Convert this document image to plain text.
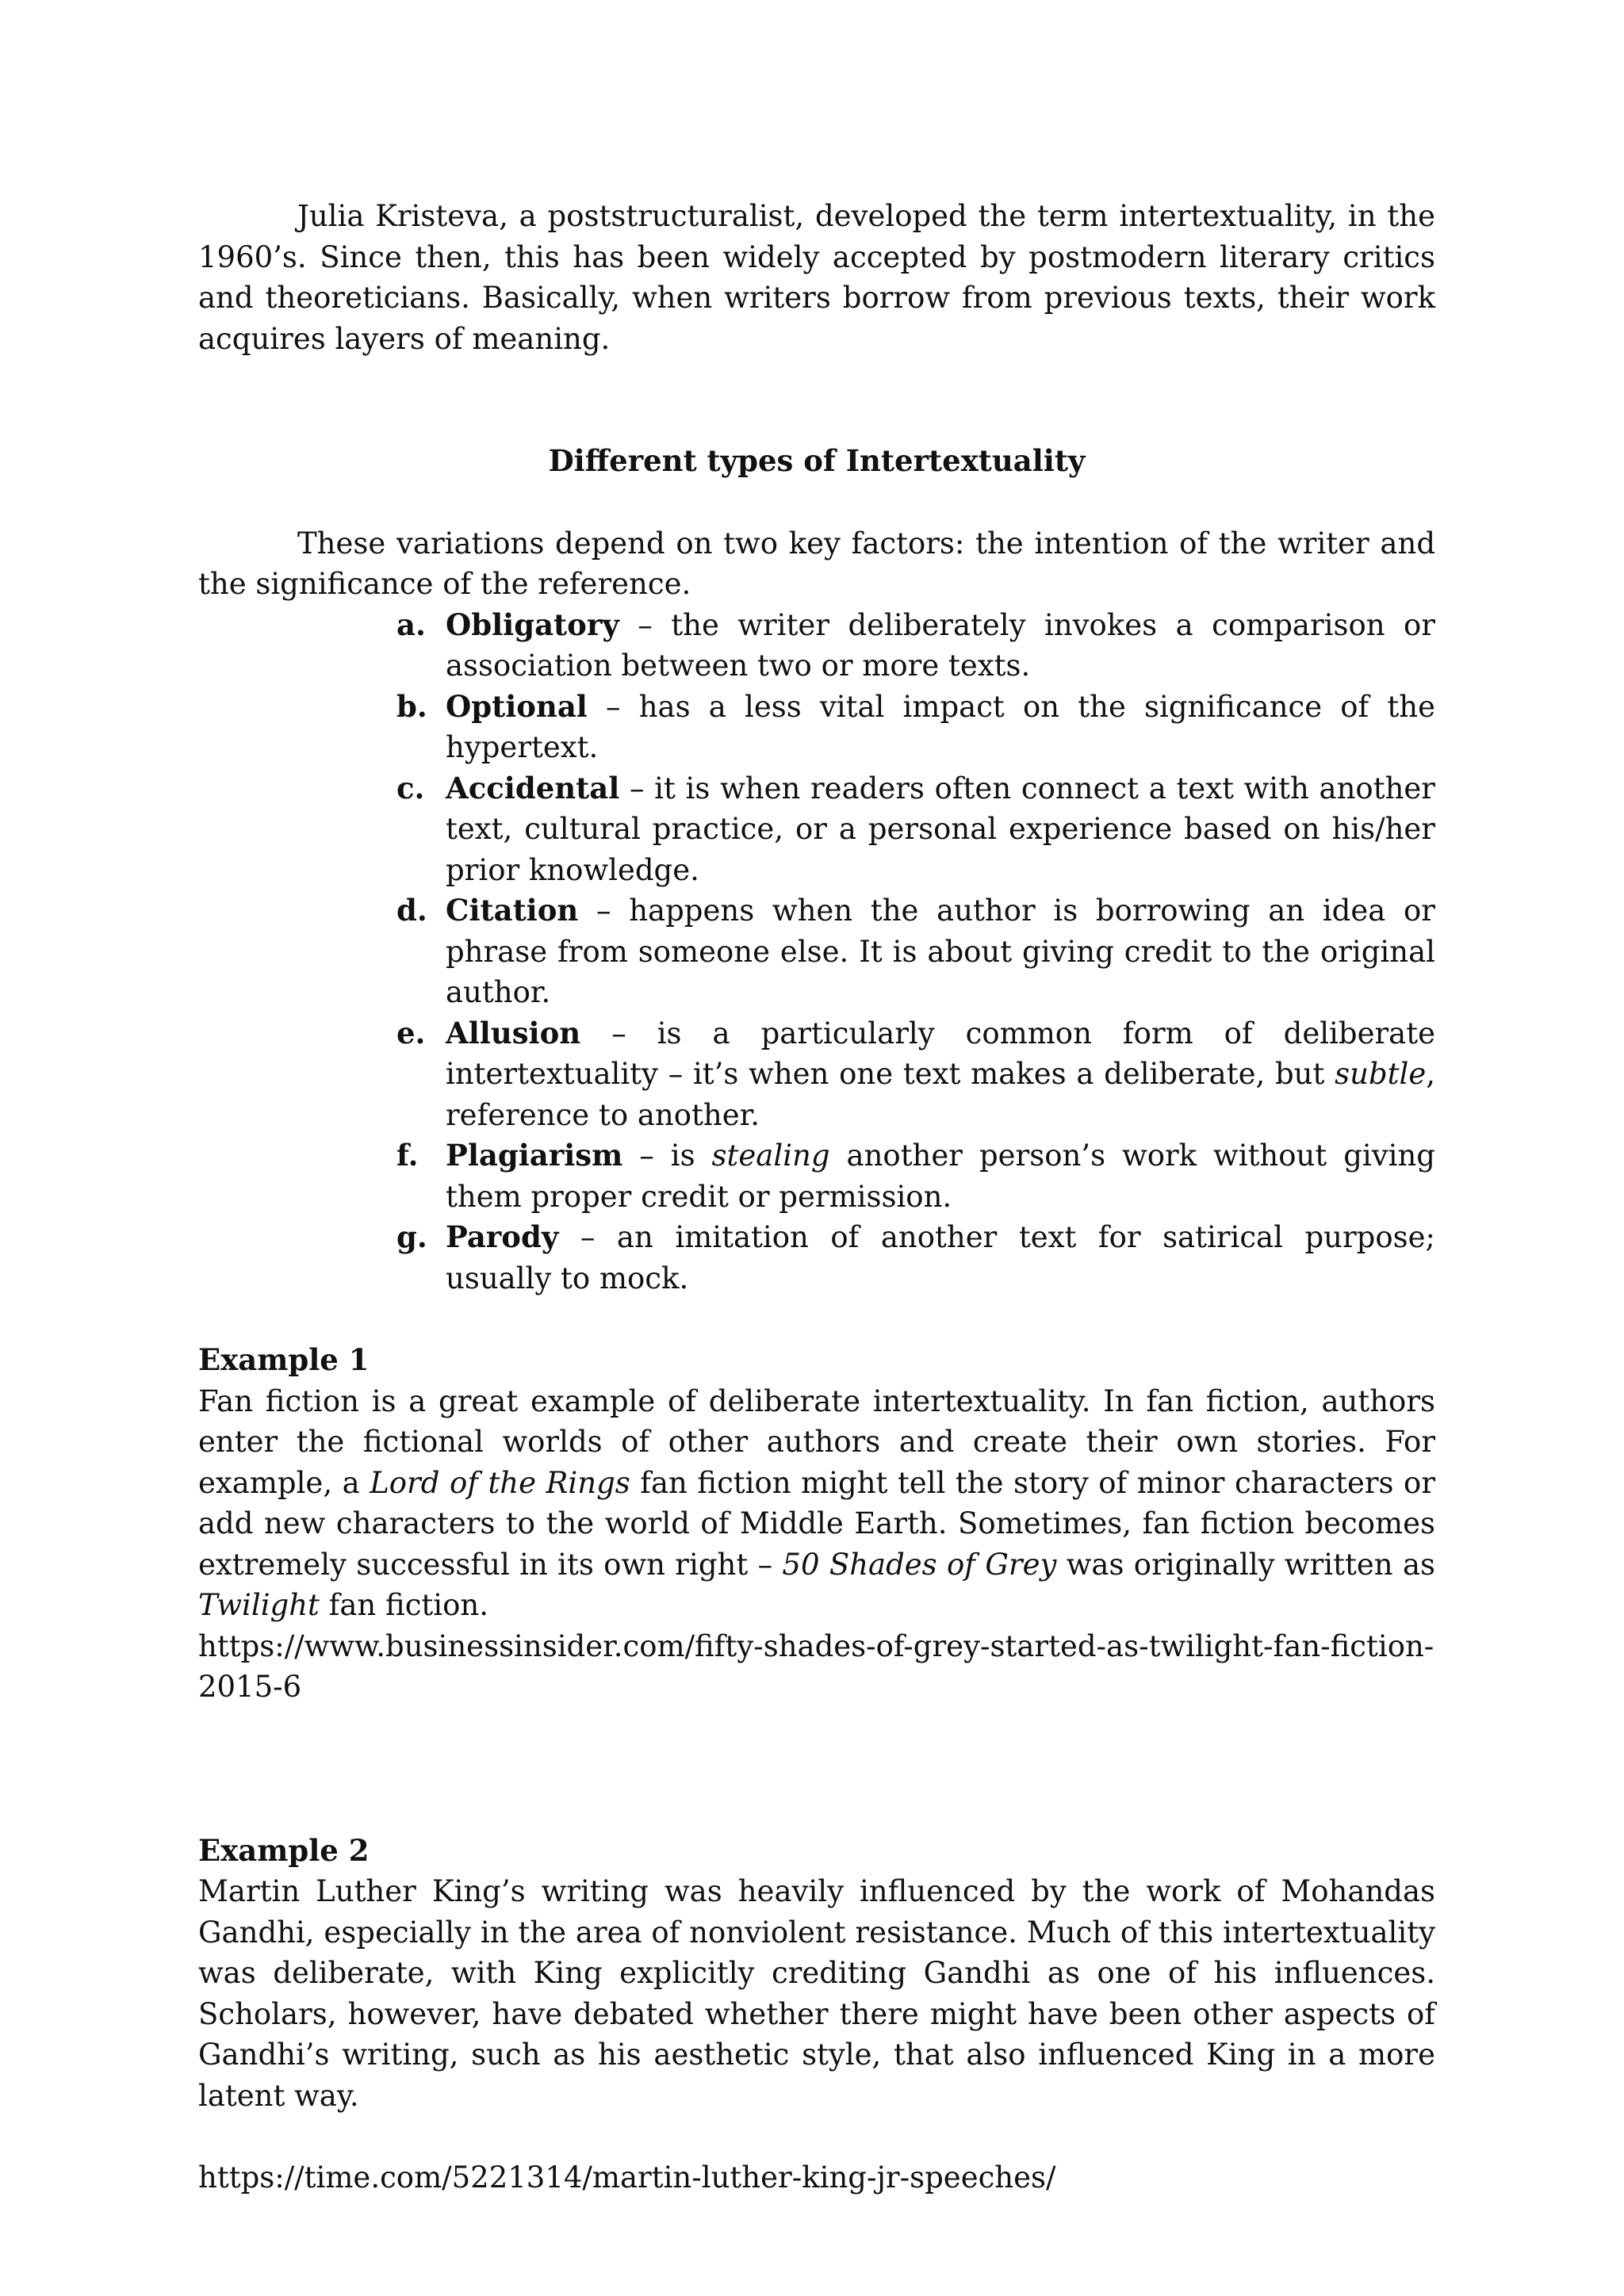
Julia Kristeva, a poststructuralist, developed the term intertextuality, in the 1960’s. Since then, this has been widely accepted by postmodern literary critics and theoreticians. Basically, when writers borrow from previous texts, their work acquires layers of meaning.

Different types of Intertextuality

These variations depend on two key factors: the intention of the writer and the significance of the reference.

a. Obligatory – the writer deliberately invokes a comparison or association between two or more texts.
b. Optional – has a less vital impact on the significance of the hypertext.
c. Accidental – it is when readers often connect a text with another text, cultural practice, or a personal experience based on his/her prior knowledge.
d. Citation – happens when the author is borrowing an idea or phrase from someone else. It is about giving credit to the original author.
e. Allusion – is a particularly common form of deliberate intertextuality – it’s when one text makes a deliberate, but subtle, reference to another.
f. Plagiarism – is stealing another person’s work without giving them proper credit or permission.
g. Parody – an imitation of another text for satirical purpose; usually to mock.

Example 1

Fan fiction is a great example of deliberate intertextuality. In fan fiction, authors enter the fictional worlds of other authors and create their own stories. For example, a Lord of the Rings fan fiction might tell the story of minor characters or add new characters to the world of Middle Earth. Sometimes, fan fiction becomes extremely successful in its own right – 50 Shades of Grey was originally written as Twilight fan fiction.

https://www.businessinsider.com/fifty-shades-of-grey-started-as-twilight-fan-fiction-2015-6

Example 2

Martin Luther King’s writing was heavily influenced by the work of Mohandas Gandhi, especially in the area of nonviolent resistance. Much of this intertextuality was deliberate, with King explicitly crediting Gandhi as one of his influences. Scholars, however, have debated whether there might have been other aspects of Gandhi’s writing, such as his aesthetic style, that also influenced King in a more latent way.

https://time.com/5221314/martin-luther-king-jr-speeches/
